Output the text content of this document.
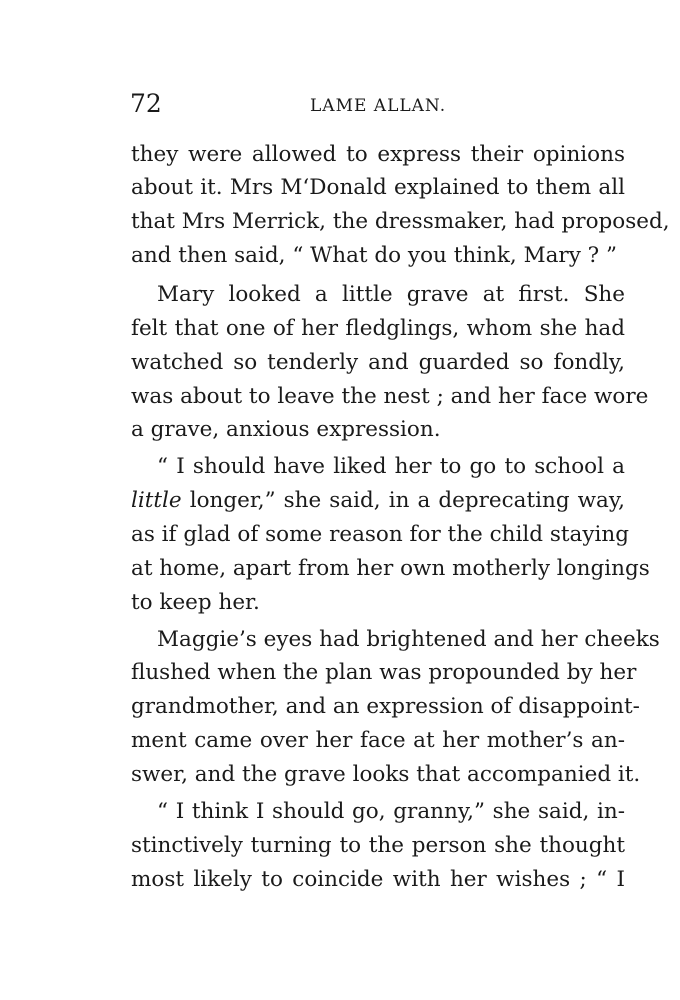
72	LAME ALLAN.
they were allowed to express their opinions
about it. Mrs M‘Donald explained to them all
that Mrs Merrick, the dressmaker, had proposed,
and then said, “ What do you think, Mary ? ”
Mary looked a little grave at first. She
felt that one of her fledglings, whom she had
watched so tenderly and guarded so fondly,
was about to leave the nest ; and her face wore
a grave, anxious expression.
“ I should have liked her to go to school a
little longer,” she said, in a deprecating way,
as if glad of some reason for the child staying
at home, apart from her own motherly longings
to keep her.
Maggie’s eyes had brightened and her cheeks
flushed when the plan was propounded by her
grandmother, and an expression of disappoint-
ment came over her face at her mother’s an-
swer, and the grave looks that accompanied it.
“ I think I should go, granny,” she said, in-
stinctively turning to the person she thought
most likely to coincide with her wishes ; “ I
